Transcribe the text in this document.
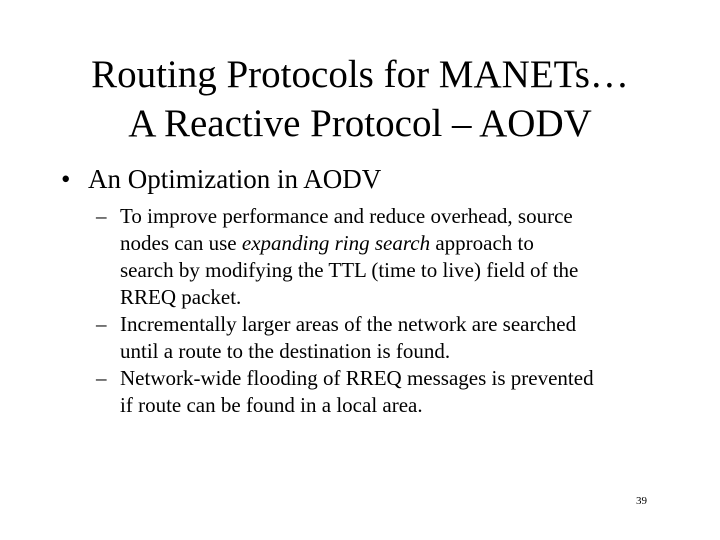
Routing Protocols for MANETs…
A Reactive Protocol – AODV
• An Optimization in AODV
– To improve performance and reduce overhead, source
nodes can use expanding ring search approach to
search by modifying the TTL (time to live) field of the
RREQ packet.
– Incrementally larger areas of the network are searched
until a route to the destination is found.
– Network-wide flooding of RREQ messages is prevented
if route can be found in a local area.
39
